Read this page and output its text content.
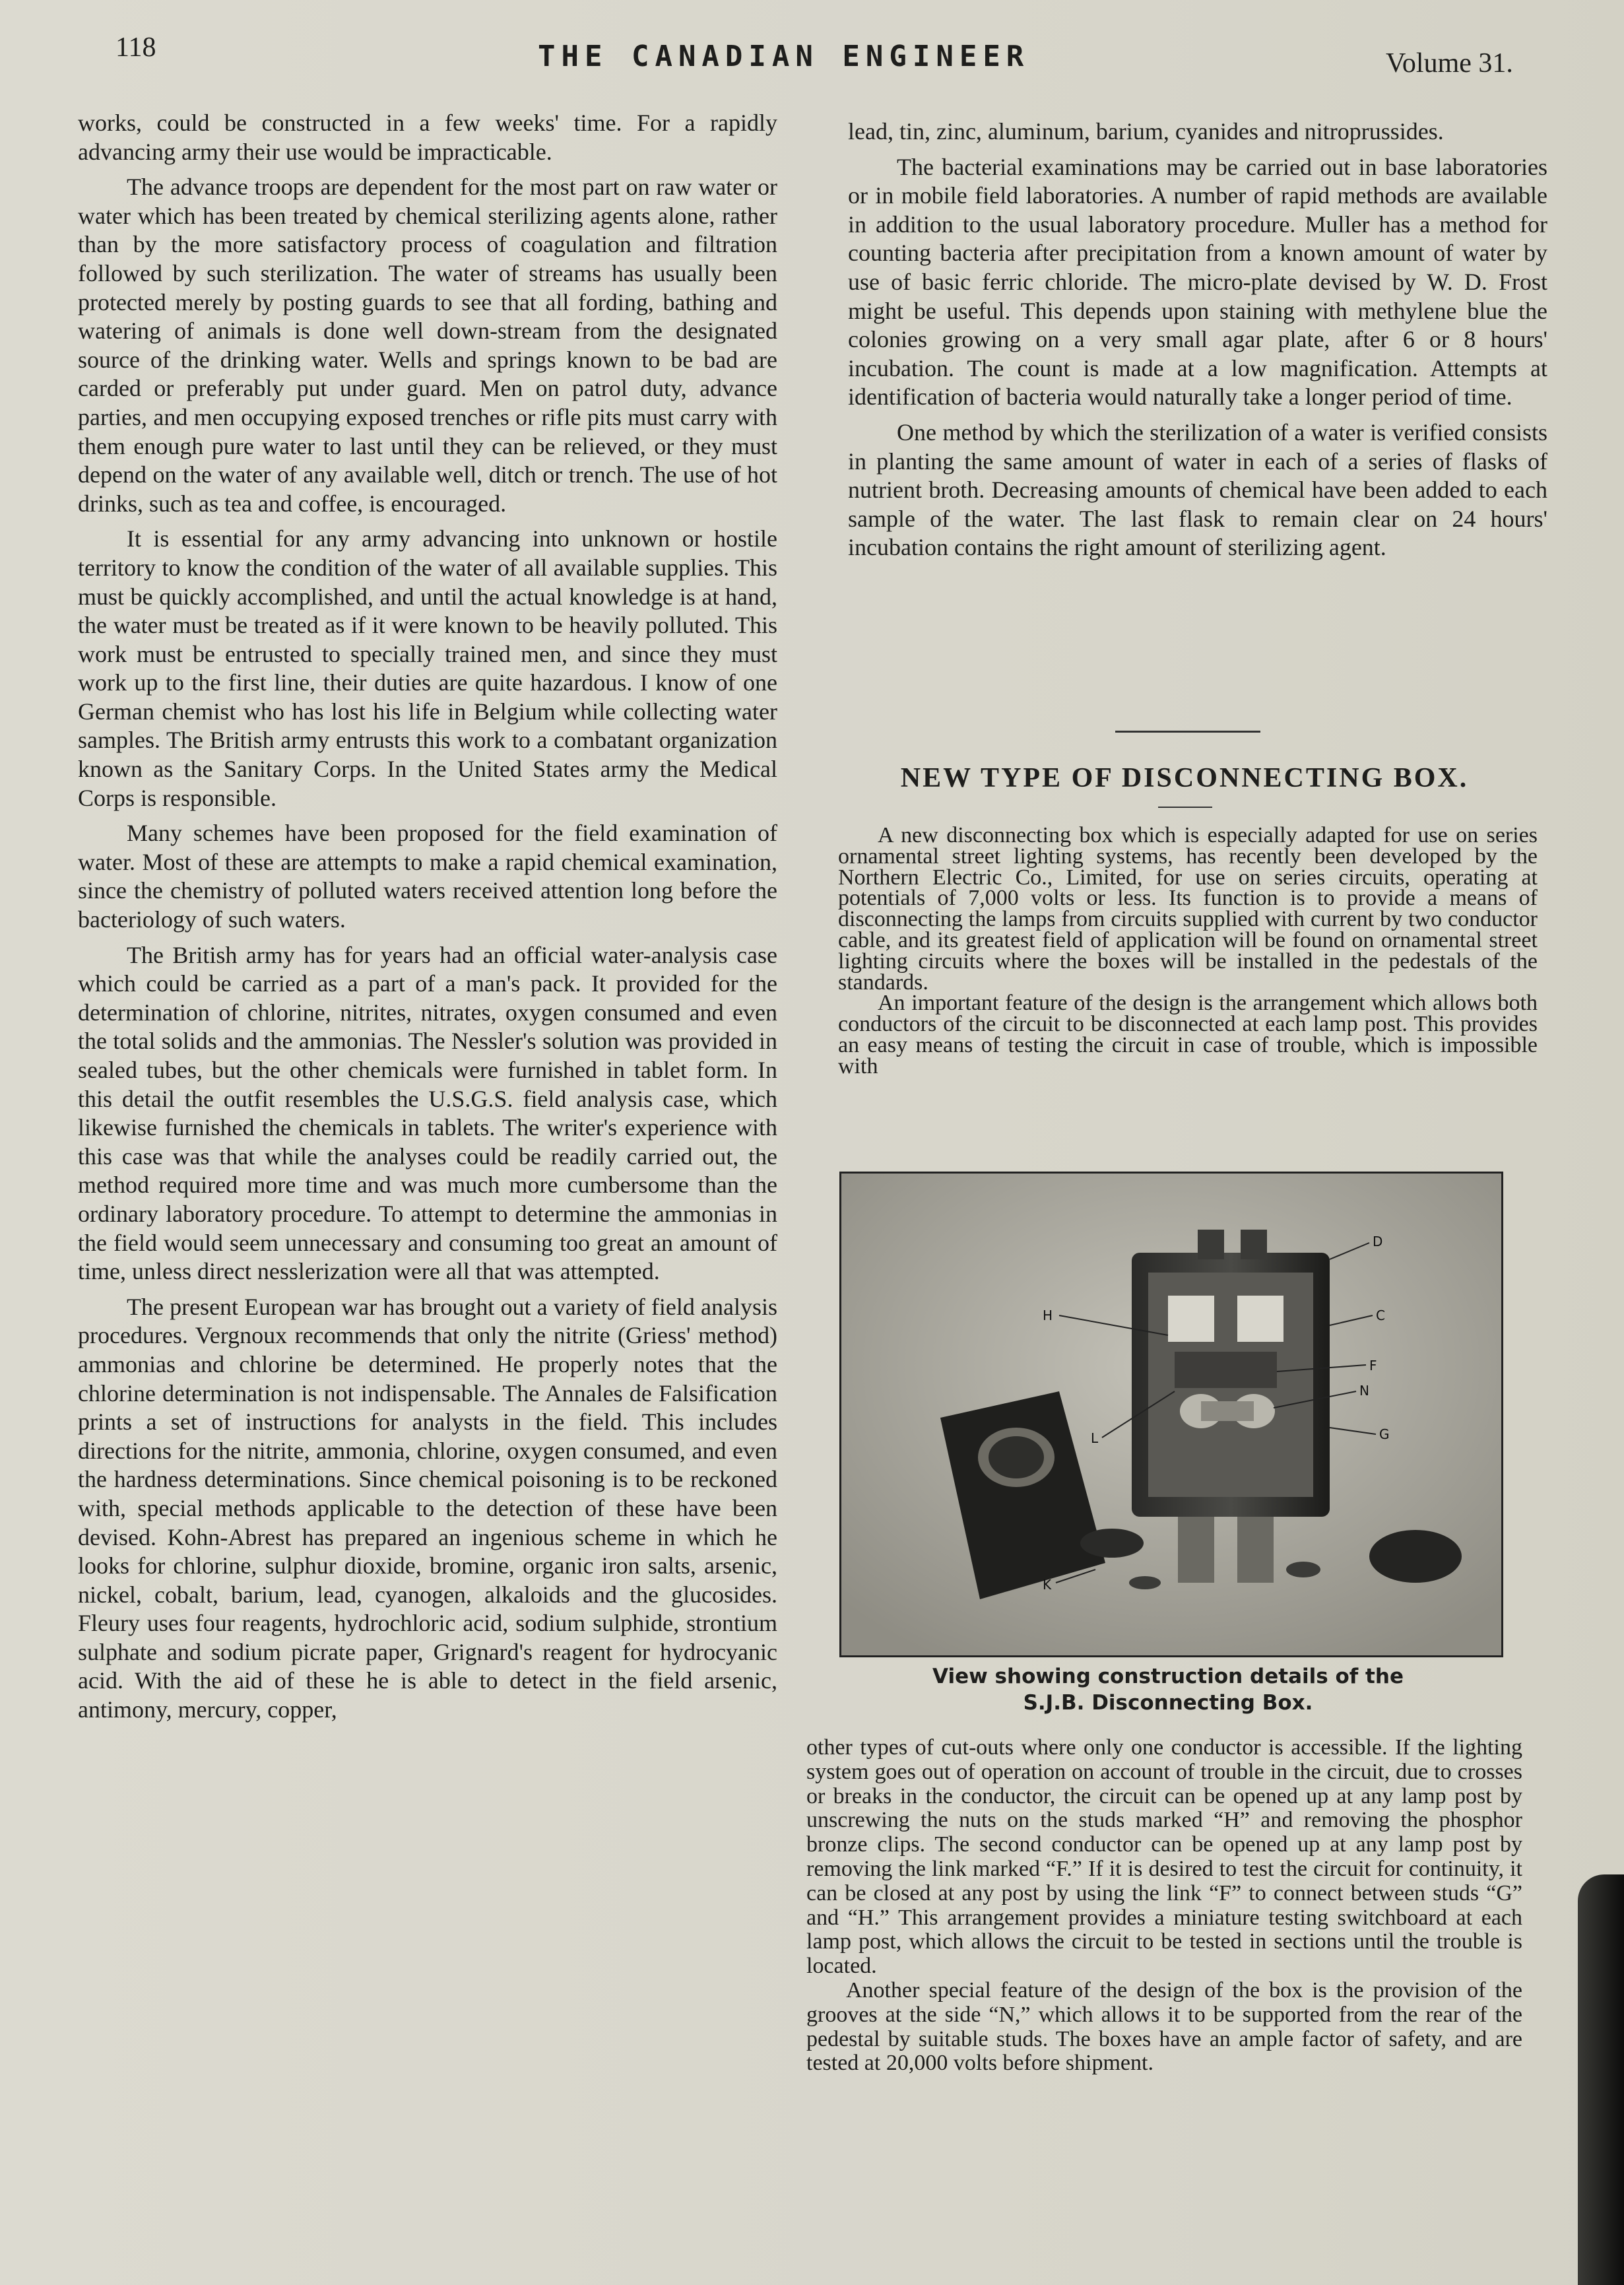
118	THE CANADIAN ENGINEER	Volume 31.

works, could be constructed in a few weeks' time. For a rapidly advancing army their use would be impracticable.

The advance troops are dependent for the most part on raw water or water which has been treated by chemical sterilizing agents alone, rather than by the more satisfactory process of coagulation and filtration followed by such sterilization. The water of streams has usually been protected merely by posting guards to see that all fording, bathing and watering of animals is done well down-stream from the designated source of the drinking water. Wells and springs known to be bad are carded or preferably put under guard. Men on patrol duty, advance parties, and men occupying exposed trenches or rifle pits must carry with them enough pure water to last until they can be relieved, or they must depend on the water of any available well, ditch or trench. The use of hot drinks, such as tea and coffee, is encouraged.

It is essential for any army advancing into unknown or hostile territory to know the condition of the water of all available supplies. This must be quickly accomplished, and until the actual knowledge is at hand, the water must be treated as if it were known to be heavily polluted. This work must be entrusted to specially trained men, and since they must work up to the first line, their duties are quite hazardous. I know of one German chemist who has lost his life in Belgium while collecting water samples. The British army entrusts this work to a combatant organization known as the Sanitary Corps. In the United States army the Medical Corps is responsible.

Many schemes have been proposed for the field examination of water. Most of these are attempts to make a rapid chemical examination, since the chemistry of polluted waters received attention long before the bacteriology of such waters.

The British army has for years had an official water-analysis case which could be carried as a part of a man's pack. It provided for the determination of chlorine, nitrites, nitrates, oxygen consumed and even the total solids and the ammonias. The Nessler's solution was provided in sealed tubes, but the other chemicals were furnished in tablet form. In this detail the outfit resembles the U.S.G.S. field analysis case, which likewise furnished the chemicals in tablets. The writer's experience with this case was that while the analyses could be readily carried out, the method required more time and was much more cumbersome than the ordinary laboratory procedure. To attempt to determine the ammonias in the field would seem unnecessary and consuming too great an amount of time, unless direct nesslerization were all that was attempted.

The present European war has brought out a variety of field analysis procedures. Vergnoux recommends that only the nitrite (Griess' method) ammonias and chlorine be determined. He properly notes that the chlorine determination is not indispensable. The Annales de Falsification prints a set of instructions for analysts in the field. This includes directions for the nitrite, ammonia, chlorine, oxygen consumed, and even the hardness determinations. Since chemical poisoning is to be reckoned with, special methods applicable to the detection of these have been devised. Kohn-Abrest has prepared an ingenious scheme in which he looks for chlorine, sulphur dioxide, bromine, organic iron salts, arsenic, nickel, cobalt, barium, lead, cyanogen, alkaloids and the glucosides. Fleury uses four reagents, hydrochloric acid, sodium sulphide, strontium sulphate and sodium picrate paper, Grignard's reagent for hydrocyanic acid. With the aid of these he is able to detect in the field arsenic, antimony, mercury, copper,

lead, tin, zinc, aluminum, barium, cyanides and nitroprussides.

The bacterial examinations may be carried out in base laboratories or in mobile field laboratories. A number of rapid methods are available in addition to the usual laboratory procedure. Muller has a method for counting bacteria after precipitation from a known amount of water by use of basic ferric chloride. The micro-plate devised by W. D. Frost might be useful. This depends upon staining with methylene blue the colonies growing on a very small agar plate, after 6 or 8 hours' incubation. The count is made at a low magnification. Attempts at identification of bacteria would naturally take a longer period of time.

One method by which the sterilization of a water is verified consists in planting the same amount of water in each of a series of flasks of nutrient broth. Decreasing amounts of chemical have been added to each sample of the water. The last flask to remain clear on 24 hours' incubation contains the right amount of sterilizing agent.

NEW TYPE OF DISCONNECTING BOX.

A new disconnecting box which is especially adapted for use on series ornamental street lighting systems, has recently been developed by the Northern Electric Co., Limited, for use on series circuits, operating at potentials of 7,000 volts or less. Its function is to provide a means of disconnecting the lamps from circuits supplied with current by two conductor cable, and its greatest field of application will be found on ornamental street lighting circuits where the boxes will be installed in the pedestals of the standards.

An important feature of the design is the arrangement which allows both conductors of the circuit to be disconnected at each lamp post. This provides an easy means of testing the circuit in case of trouble, which is impossible with

D
H	C
F
N
L	G
K
View showing construction details of the
S.J.B. Disconnecting Box.

other types of cut-outs where only one conductor is accessible. If the lighting system goes out of operation on account of trouble in the circuit, due to crosses or breaks in the conductor, the circuit can be opened up at any lamp post by unscrewing the nuts on the studs marked “H” and removing the phosphor bronze clips. The second conductor can be opened up at any lamp post by removing the link marked “F.” If it is desired to test the circuit for continuity, it can be closed at any post by using the link “F” to connect between studs “G” and “H.” This arrangement provides a miniature testing switchboard at each lamp post, which allows the circuit to be tested in sections until the trouble is located.

Another special feature of the design of the box is the provision of the grooves at the side “N,” which allows it to be supported from the rear of the pedestal by suitable studs. The boxes have an ample factor of safety, and are tested at 20,000 volts before shipment.
